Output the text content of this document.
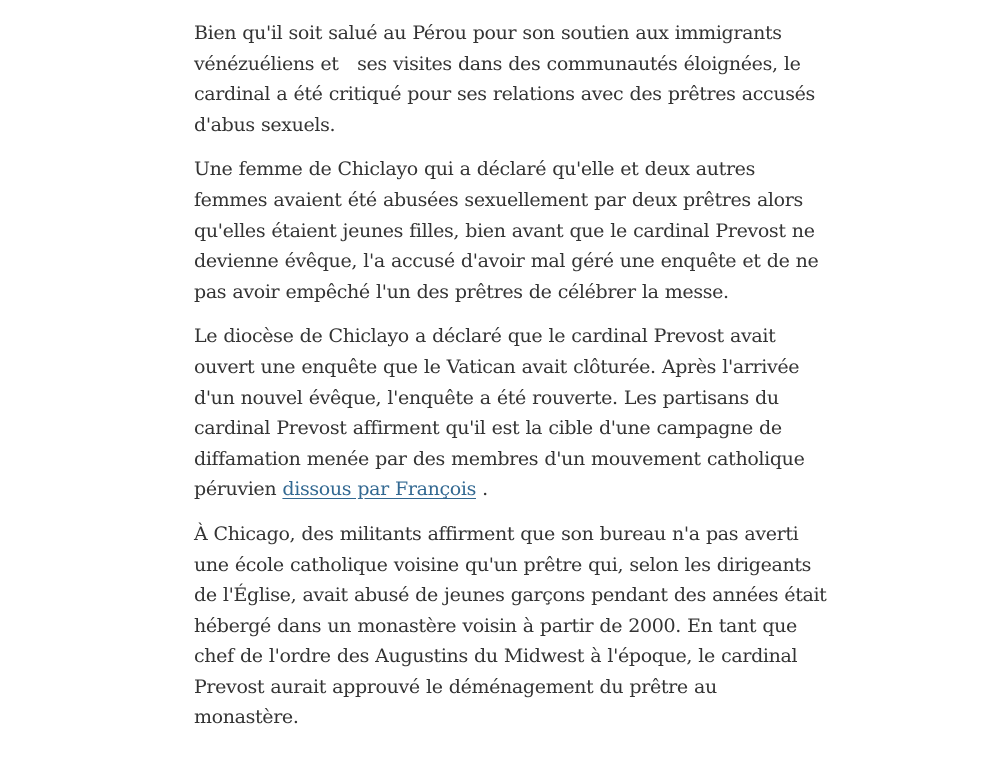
Bien qu'il soit salué au Pérou pour son soutien aux immigrants
vénézuéliens et   ses visites dans des communautés éloignées, le
cardinal a été critiqué pour ses relations avec des prêtres accusés
d'abus sexuels.

Une femme de Chiclayo qui a déclaré qu'elle et deux autres
femmes avaient été abusées sexuellement par deux prêtres alors
qu'elles étaient jeunes filles, bien avant que le cardinal Prevost ne
devienne évêque, l'a accusé d'avoir mal géré une enquête et de ne
pas avoir empêché l'un des prêtres de célébrer la messe.

Le diocèse de Chiclayo a déclaré que le cardinal Prevost avait
ouvert une enquête que le Vatican avait clôturée. Après l'arrivée
d'un nouvel évêque, l'enquête a été rouverte. Les partisans du
cardinal Prevost affirment qu'il est la cible d'une campagne de
diffamation menée par des membres d'un mouvement catholique
péruvien dissous par François .

À Chicago, des militants affirment que son bureau n'a pas averti
une école catholique voisine qu'un prêtre qui, selon les dirigeants
de l'Église, avait abusé de jeunes garçons pendant des années était
hébergé dans un monastère voisin à partir de 2000. En tant que
chef de l'ordre des Augustins du Midwest à l'époque, le cardinal
Prevost aurait approuvé le déménagement du prêtre au
monastère.
